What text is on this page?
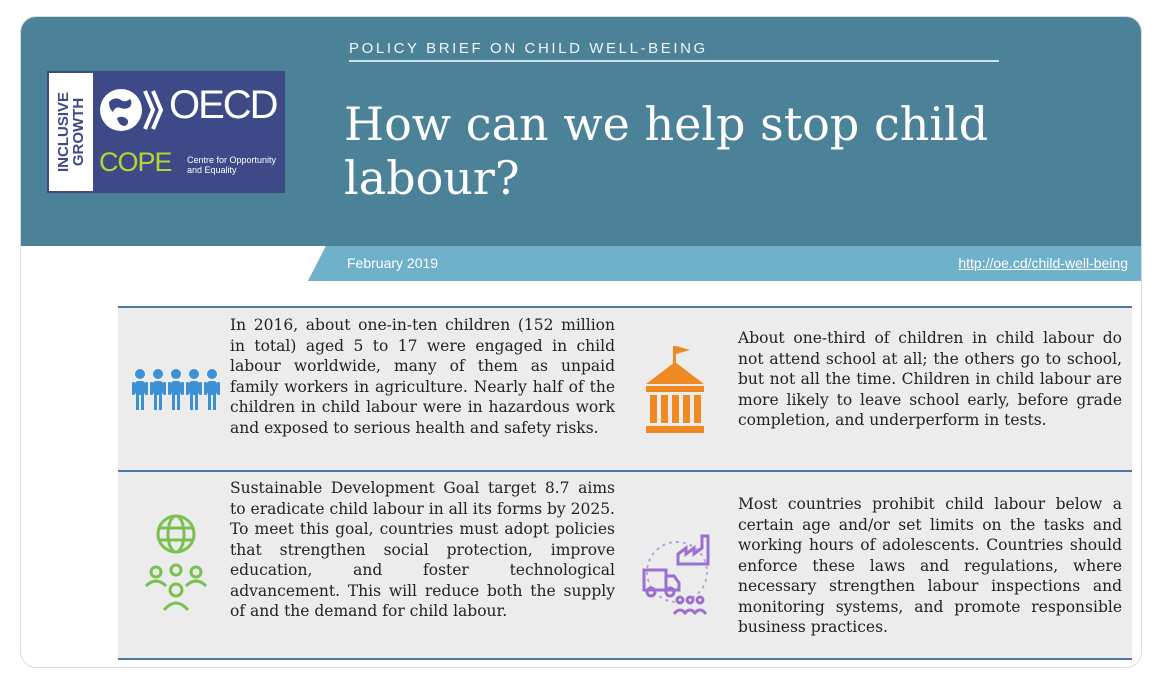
POLICY BRIEF ON CHILD WELL-BEING
INCLUSIVE
GROWTH OECD
COPE Centre for Opportunity
and Equality
How can we help stop child
labour?
February 2019	http://oe.cd/child-well-being
In 2016, about one-in-ten children (152 million in total) aged 5 to 17 were engaged in child labour worldwide, many of them as unpaid family workers in agriculture. Nearly half of the children in child labour were in hazardous work and exposed to serious health and safety risks.
About one-third of children in child labour do not attend school at all; the others go to school, but not all the time. Children in child labour are more likely to leave school early, before grade completion, and underperform in tests.
Sustainable Development Goal target 8.7 aims to eradicate child labour in all its forms by 2025. To meet this goal, countries must adopt policies that strengthen social protection, improve education, and foster technological advancement. This will reduce both the supply of and the demand for child labour.
Most countries prohibit child labour below a certain age and/or set limits on the tasks and working hours of adolescents. Countries should enforce these laws and regulations, where necessary strengthen labour inspections and monitoring systems, and promote responsible business practices.
